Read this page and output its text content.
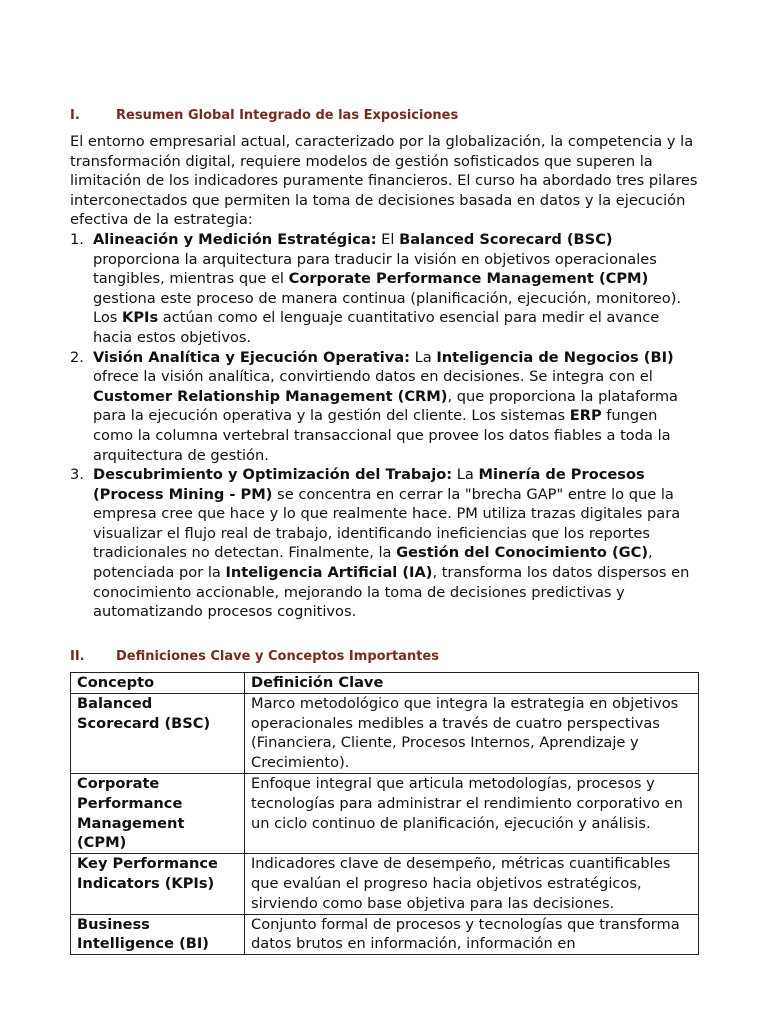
I.	Resumen Global Integrado de las Exposiciones

El entorno empresarial actual, caracterizado por la globalización, la competencia y la transformación digital, requiere modelos de gestión sofisticados que superen la limitación de los indicadores puramente financieros. El curso ha abordado tres pilares interconectados que permiten la toma de decisiones basada en datos y la ejecución efectiva de la estrategia:

1. Alineación y Medición Estratégica: El Balanced Scorecard (BSC) proporciona la arquitectura para traducir la visión en objetivos operacionales tangibles, mientras que el Corporate Performance Management (CPM) gestiona este proceso de manera continua (planificación, ejecución, monitoreo). Los KPIs actúan como el lenguaje cuantitativo esencial para medir el avance hacia estos objetivos.
2. Visión Analítica y Ejecución Operativa: La Inteligencia de Negocios (BI) ofrece la visión analítica, convirtiendo datos en decisiones. Se integra con el Customer Relationship Management (CRM), que proporciona la plataforma para la ejecución operativa y la gestión del cliente. Los sistemas ERP fungen como la columna vertebral transaccional que provee los datos fiables a toda la arquitectura de gestión.
3. Descubrimiento y Optimización del Trabajo: La Minería de Procesos (Process Mining - PM) se concentra en cerrar la "brecha GAP" entre lo que la empresa cree que hace y lo que realmente hace. PM utiliza trazas digitales para visualizar el flujo real de trabajo, identificando ineficiencias que los reportes tradicionales no detectan. Finalmente, la Gestión del Conocimiento (GC), potenciada por la Inteligencia Artificial (IA), transforma los datos dispersos en conocimiento accionable, mejorando la toma de decisiones predictivas y automatizando procesos cognitivos.
II. Definiciones Clave y Conceptos Importantes
Concepto	Definición Clave
Balanced Scorecard (BSC)	Marco metodológico que integra la estrategia en objetivos operacionales medibles a través de cuatro perspectivas (Financiera, Cliente, Procesos Internos, Aprendizaje y Crecimiento).
Corporate Performance Management (CPM)	Enfoque integral que articula metodologías, procesos y tecnologías para administrar el rendimiento corporativo en un ciclo continuo de planificación, ejecución y análisis.
Key Performance Indicators (KPIs)	Indicadores clave de desempeño, métricas cuantificables que evalúan el progreso hacia objetivos estratégicos, sirviendo como base objetiva para las decisiones.
Business Intelligence (BI)	Conjunto formal de procesos y tecnologías que transforma datos brutos en información, información en
